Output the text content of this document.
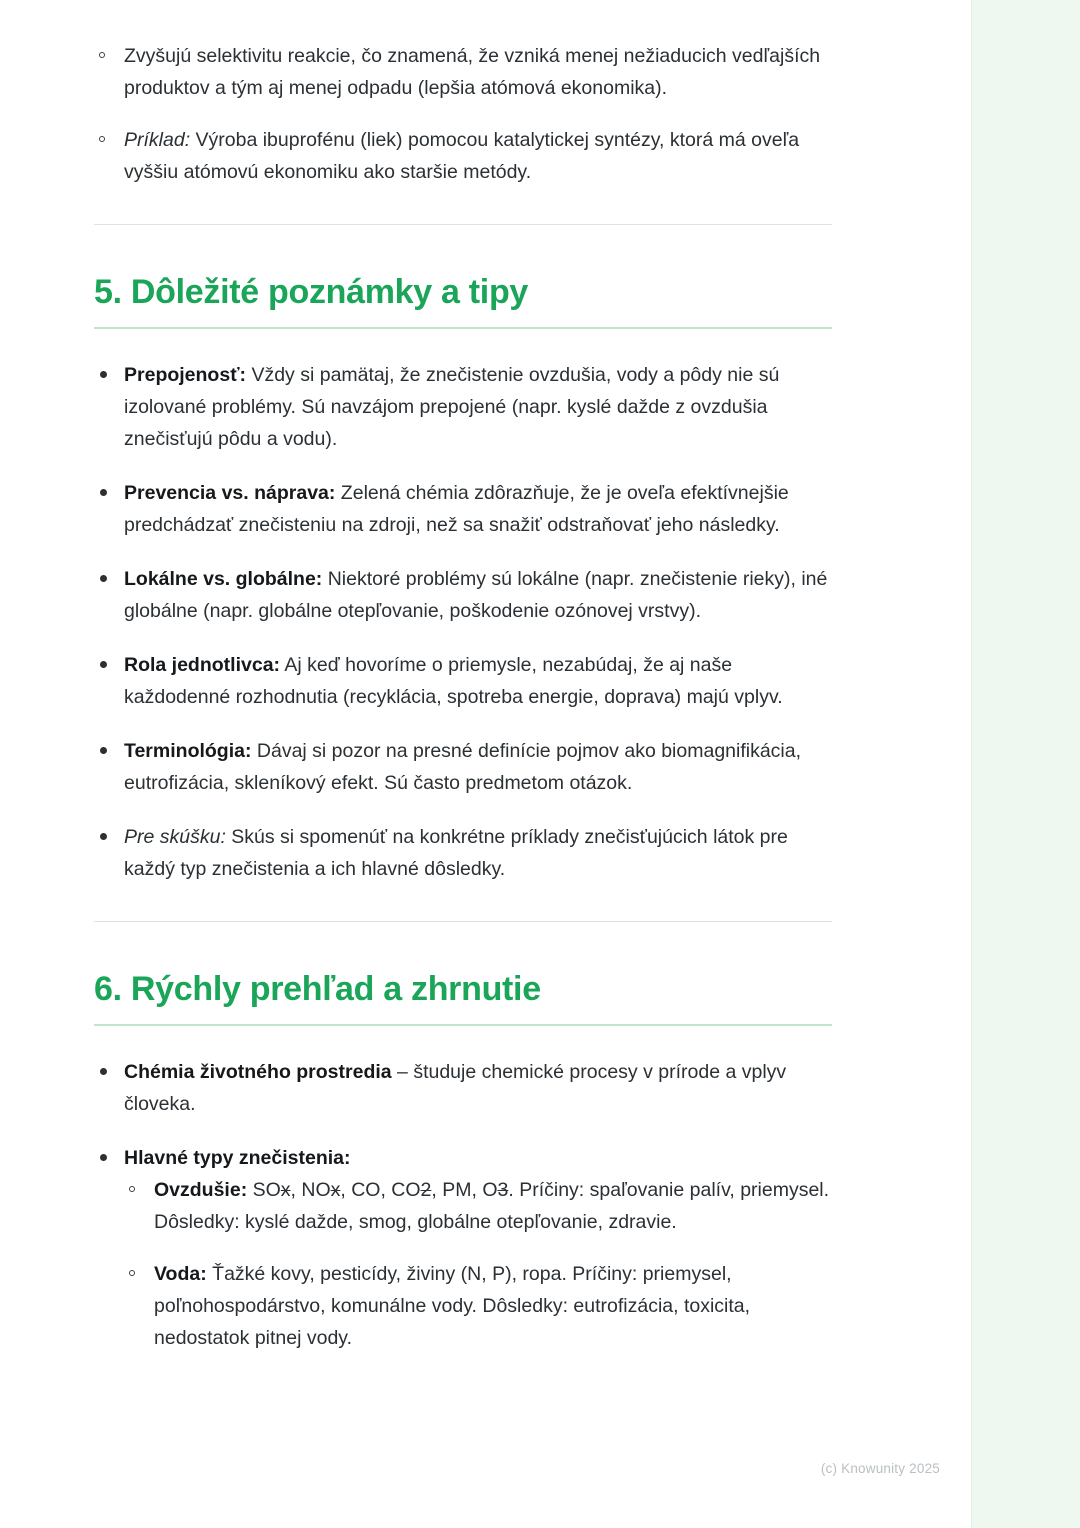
Zvyšujú selektivitu reakcie, čo znamená, že vzniká menej nežiaducich vedľajších produktov a tým aj menej odpadu (lepšia atómová ekonomika).
Príklad: Výroba ibuprofénu (liek) pomocou katalytickej syntézy, ktorá má oveľa vyššiu atómovú ekonomiku ako staršie metódy.
5. Dôležité poznámky a tipy
Prepojenosť: Vždy si pamätaj, že znečistenie ovzdušia, vody a pôdy nie sú izolované problémy. Sú navzájom prepojené (napr. kyslé dažde z ovzdušia znečisťujú pôdu a vodu).
Prevencia vs. náprava: Zelená chémia zdôrazňuje, že je oveľa efektívnejšie predchádzať znečisteniu na zdroji, než sa snažiť odstraňovať jeho následky.
Lokálne vs. globálne: Niektoré problémy sú lokálne (napr. znečistenie rieky), iné globálne (napr. globálne otepľovanie, poškodenie ozónovej vrstvy).
Rola jednotlivca: Aj keď hovoríme o priemysle, nezabúdaj, že aj naše každodenné rozhodnutia (recyklácia, spotreba energie, doprava) majú vplyv.
Terminológia: Dávaj si pozor na presné definície pojmov ako biomagnifikácia, eutrofizácia, skleníkový efekt. Sú často predmetom otázok.
Pre skúšku: Skús si spomenúť na konkrétne príklady znečisťujúcich látok pre každý typ znečistenia a ich hlavné dôsledky.
6. Rýchly prehľad a zhrnutie
Chémia životného prostredia – študuje chemické procesy v prírode a vplyv človeka.
Hlavné typy znečistenia:
Ovzdušie: SOx, NOx, CO, CO2, PM, O3. Príčiny: spaľovanie palív, priemysel. Dôsledky: kyslé dažde, smog, globálne otepľovanie, zdravie.
Voda: Ťažké kovy, pesticídy, živiny (N, P), ropa. Príčiny: priemysel, poľnohospodárstvo, komunálne vody. Dôsledky: eutrofizácia, toxicita, nedostatok pitnej vody.
(c) Knowunity 2025
